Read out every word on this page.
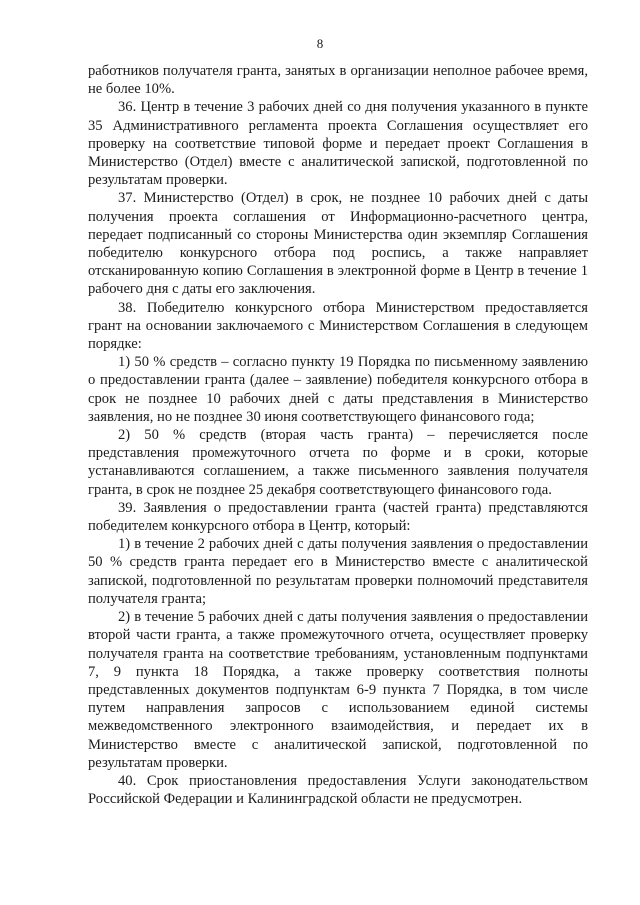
8

работников получателя гранта, занятых в организации неполное рабочее время, не более 10%.

36. Центр в течение 3 рабочих дней со дня получения указанного в пункте 35 Административного регламента проекта Соглашения осуществляет его проверку на соответствие типовой форме и передает проект Соглашения в Министерство (Отдел) вместе с аналитической запиской, подготовленной по результатам проверки.

37. Министерство (Отдел) в срок, не позднее 10 рабочих дней с даты получения проекта соглашения от Информационно-расчетного центра, передает подписанный со стороны Министерства один экземпляр Соглашения победителю конкурсного отбора под роспись, а также направляет отсканированную копию Соглашения в электронной форме в Центр в течение 1 рабочего дня с даты его заключения.

38. Победителю конкурсного отбора Министерством предоставляется грант на основании заключаемого с Министерством Соглашения в следующем порядке:

1) 50 % средств – согласно пункту 19 Порядка по письменному заявлению о предоставлении гранта (далее – заявление) победителя конкурсного отбора в срок не позднее 10 рабочих дней с даты представления в Министерство заявления, но не позднее 30 июня соответствующего финансового года;

2) 50 % средств (вторая часть гранта) – перечисляется после представления промежуточного отчета по форме и в сроки, которые устанавливаются соглашением, а также письменного заявления получателя гранта, в срок не позднее 25 декабря соответствующего финансового года.

39. Заявления о предоставлении гранта (частей гранта) представляются победителем конкурсного отбора в Центр, который:

1) в течение 2 рабочих дней с даты получения заявления о предоставлении 50 % средств гранта передает его в Министерство вместе с аналитической запиской, подготовленной по результатам проверки полномочий представителя получателя гранта;

2) в течение 5 рабочих дней с даты получения заявления о предоставлении второй части гранта, а также промежуточного отчета, осуществляет проверку получателя гранта на соответствие требованиям, установленным подпунктами 7, 9 пункта 18 Порядка, а также проверку соответствия полноты представленных документов подпунктам 6-9 пункта 7 Порядка, в том числе путем направления запросов с использованием единой системы межведомственного электронного взаимодействия, и передает их в Министерство вместе с аналитической запиской, подготовленной по результатам проверки.

40. Срок приостановления предоставления Услуги законодательством Российской Федерации и Калининградской области не предусмотрен.
